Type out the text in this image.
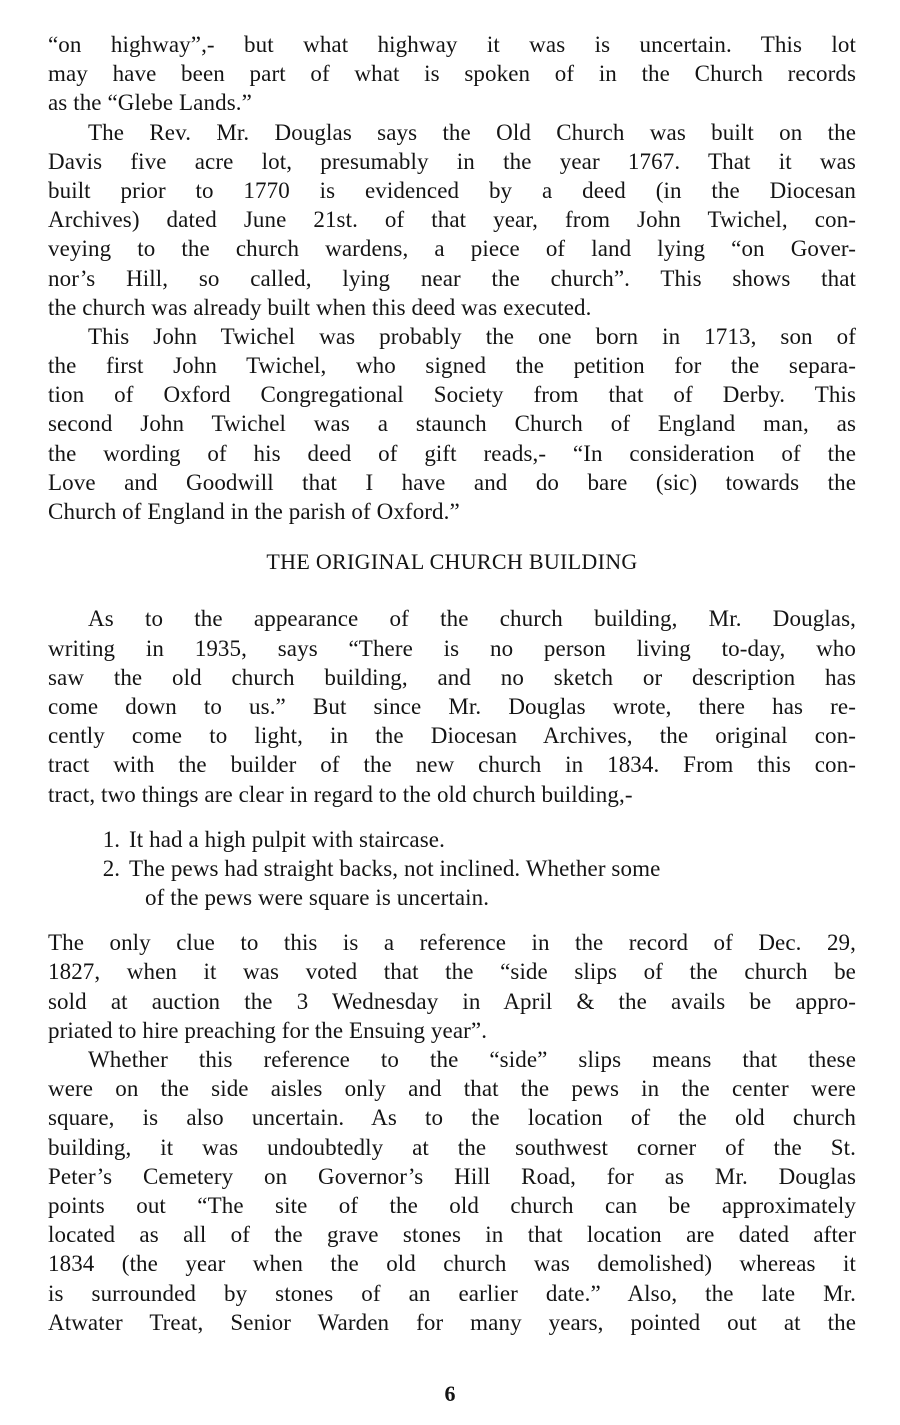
“on highway”,- but what highway it was is uncertain. This lot
may have been part of what is spoken of in the Church records
as the “Glebe Lands.”
The Rev. Mr. Douglas says the Old Church was built on the
Davis five acre lot, presumably in the year 1767. That it was
built prior to 1770 is evidenced by a deed (in the Diocesan
Archives) dated June 21st. of that year, from John Twichel, con-
veying to the church wardens, a piece of land lying “on Gover-
nor’s Hill, so called, lying near the church”. This shows that
the church was already built when this deed was executed.
This John Twichel was probably the one born in 1713, son of
the first John Twichel, who signed the petition for the separa-
tion of Oxford Congregational Society from that of Derby. This
second John Twichel was a staunch Church of England man, as
the wording of his deed of gift reads,- “In consideration of the
Love and Goodwill that I have and do bare (sic) towards the
Church of England in the parish of Oxford.”
THE ORIGINAL CHURCH BUILDING
As to the appearance of the church building, Mr. Douglas,
writing in 1935, says “There is no person living to-day, who
saw the old church building, and no sketch or description has
come down to us.” But since Mr. Douglas wrote, there has re-
cently come to light, in the Diocesan Archives, the original con-
tract with the builder of the new church in 1834. From this con-
tract, two things are clear in regard to the old church building,-
1. It had a high pulpit with staircase.
2. The pews had straight backs, not inclined. Whether some
of the pews were square is uncertain.
The only clue to this is a reference in the record of Dec. 29,
1827, when it was voted that the “side slips of the church be
sold at auction the 3 Wednesday in April & the avails be appro-
priated to hire preaching for the Ensuing year”.
Whether this reference to the “side” slips means that these
were on the side aisles only and that the pews in the center were
square, is also uncertain. As to the location of the old church
building, it was undoubtedly at the southwest corner of the St.
Peter’s Cemetery on Governor’s Hill Road, for as Mr. Douglas
points out “The site of the old church can be approximately
located as all of the grave stones in that location are dated after
1834 (the year when the old church was demolished) whereas it
is surrounded by stones of an earlier date.” Also, the late Mr.
Atwater Treat, Senior Warden for many years, pointed out at the
6
